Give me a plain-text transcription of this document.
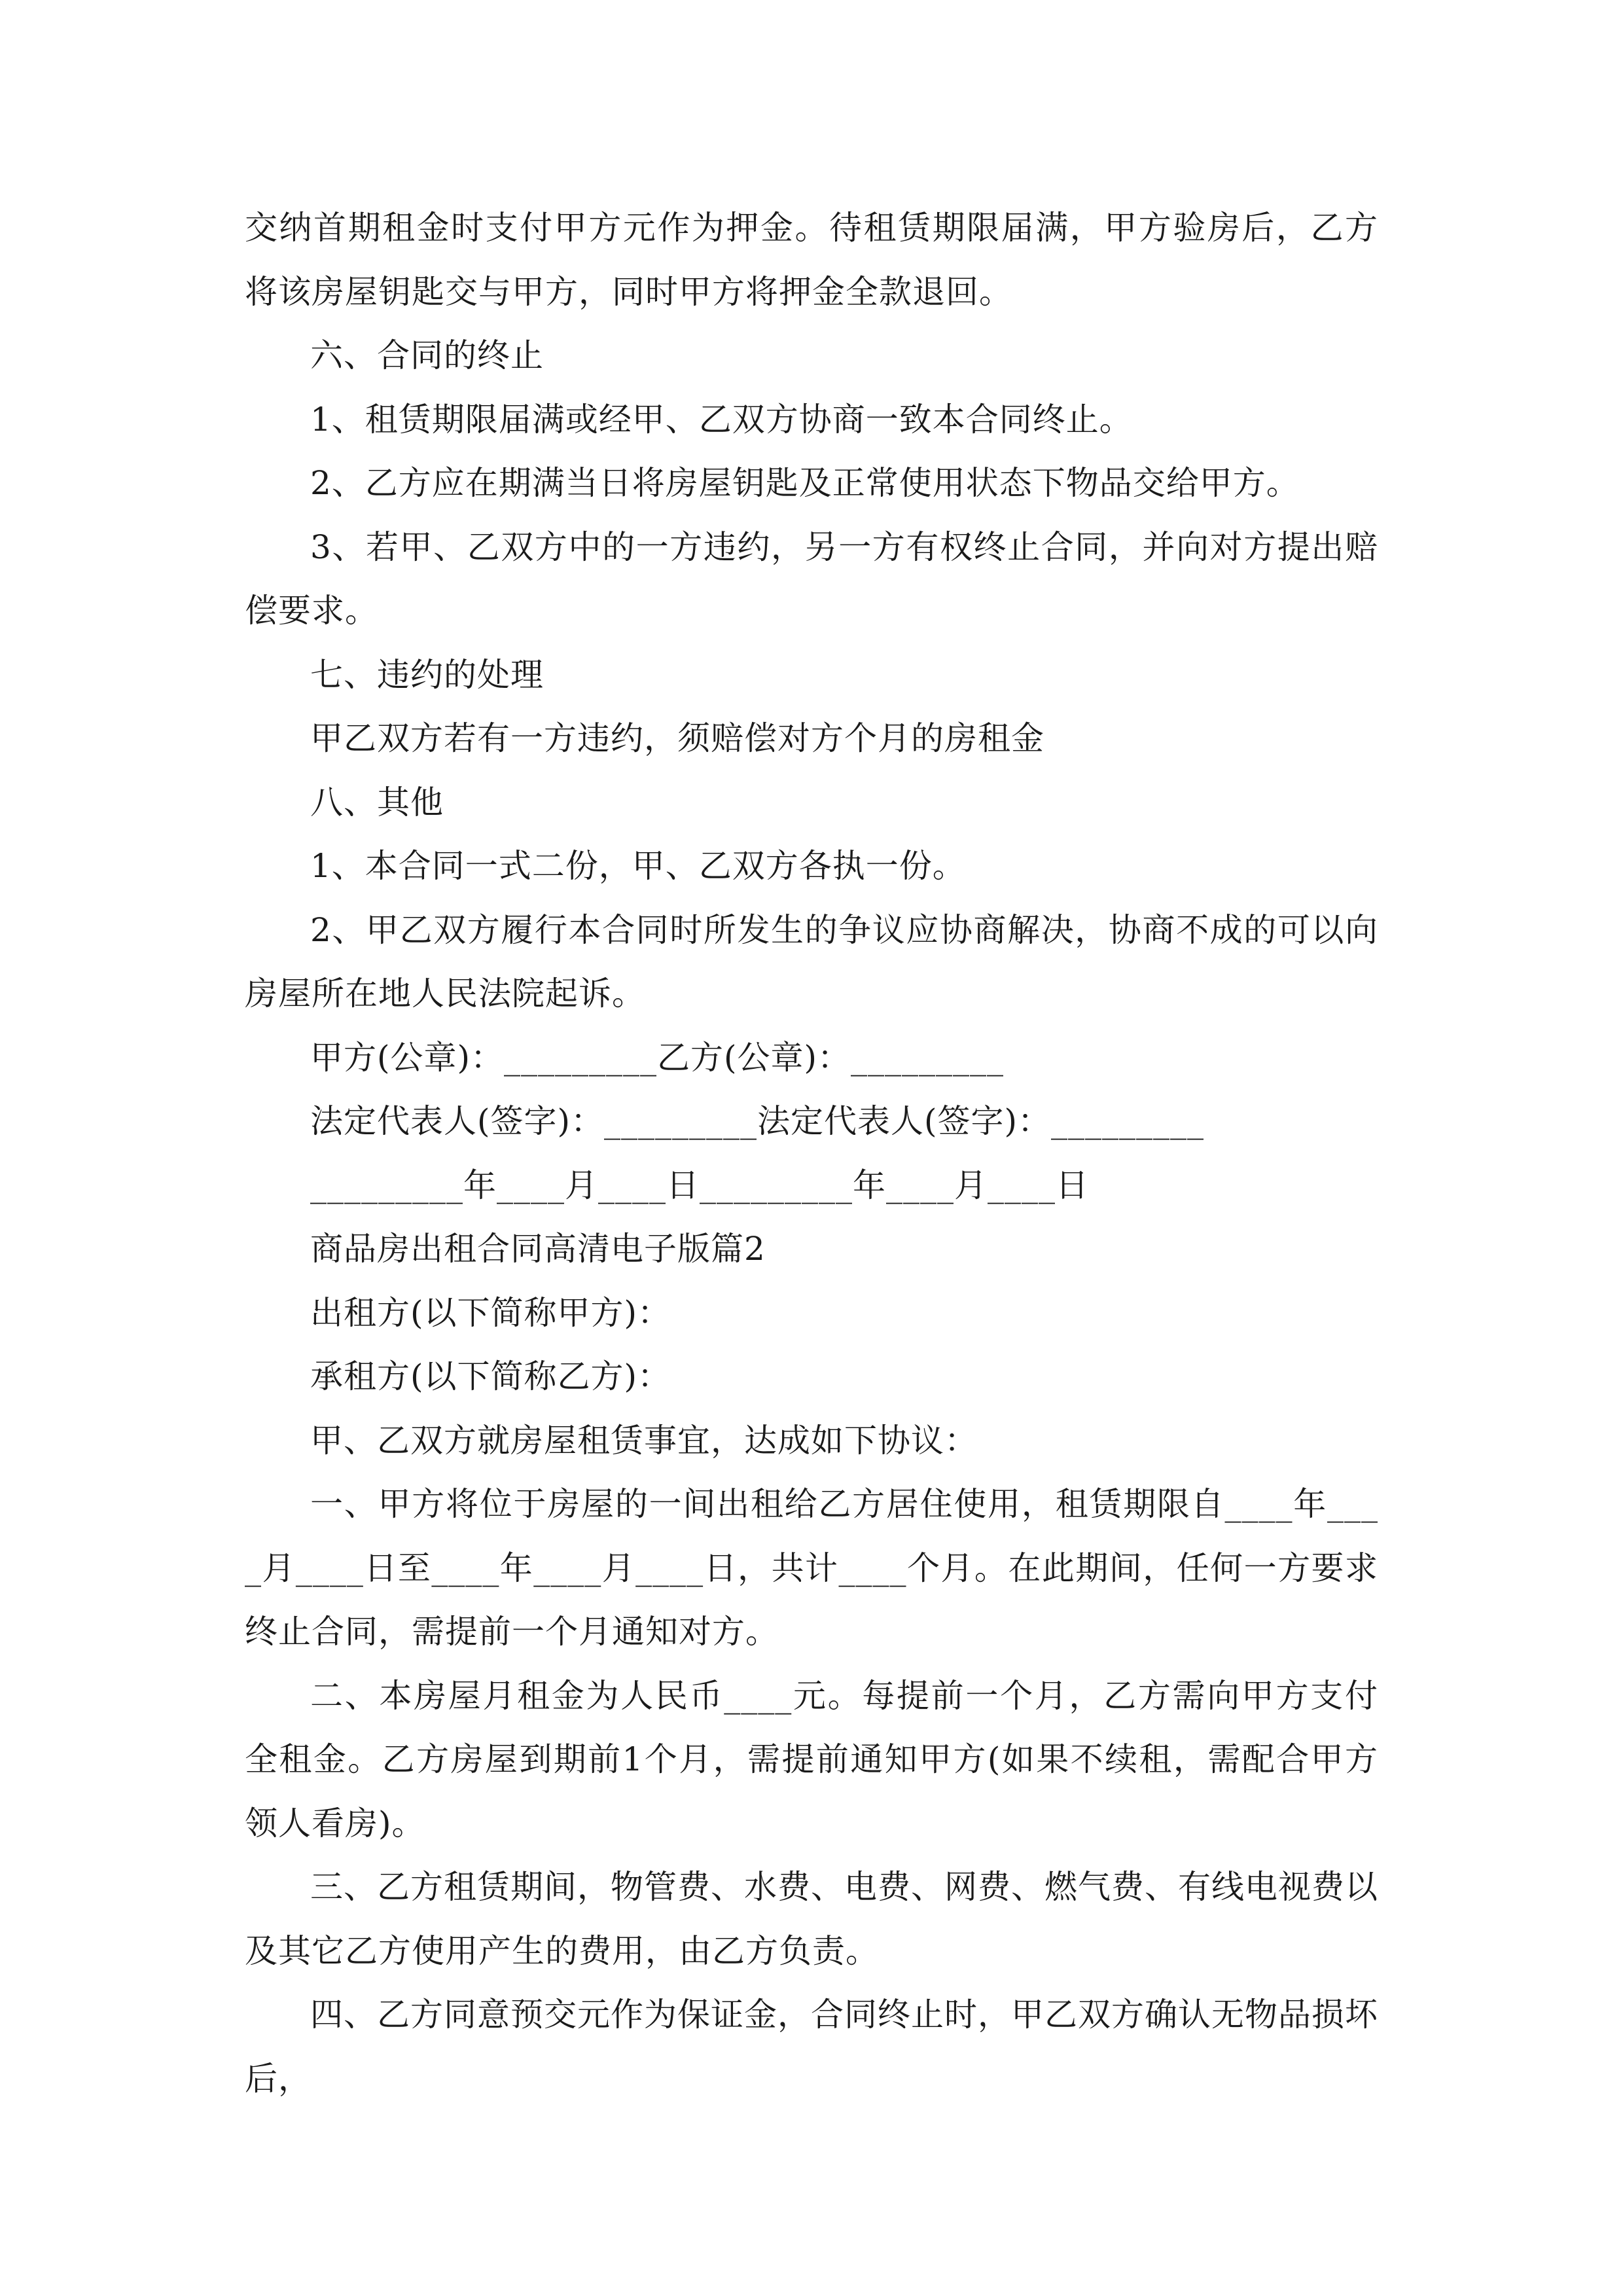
交纳首期租金时支付甲方元作为押金。待租赁期限届满，甲方验房后，乙方将该房屋钥匙交与甲方，同时甲方将押金全款退回。

六、合同的终止

1、租赁期限届满或经甲、乙双方协商一致本合同终止。

2、乙方应在期满当日将房屋钥匙及正常使用状态下物品交给甲方。

3、若甲、乙双方中的一方违约，另一方有权终止合同，并向对方提出赔偿要求。

七、违约的处理

甲乙双方若有一方违约，须赔偿对方个月的房租金

八、其他

1、本合同一式二份，甲、乙双方各执一份。

2、甲乙双方履行本合同时所发生的争议应协商解决，协商不成的可以向房屋所在地人民法院起诉。

甲方(公章)：_________乙方(公章)：_________

法定代表人(签字)：_________法定代表人(签字)：_________

_________年____月____日_________年____月____日

商品房出租合同高清电子版篇2

出租方(以下简称甲方)：

承租方(以下简称乙方)：

甲、乙双方就房屋租赁事宜，达成如下协议：

一、甲方将位于房屋的一间出租给乙方居住使用，租赁期限自____年____月____日至____年____月____日，共计____个月。在此期间，任何一方要求终止合同，需提前一个月通知对方。

二、本房屋月租金为人民币____元。每提前一个月，乙方需向甲方支付全租金。乙方房屋到期前1个月，需提前通知甲方(如果不续租，需配合甲方领人看房)。

三、乙方租赁期间，物管费、水费、电费、网费、燃气费、有线电视费以及其它乙方使用产生的费用，由乙方负责。

四、乙方同意预交元作为保证金，合同终止时，甲乙双方确认无物品损坏后，
